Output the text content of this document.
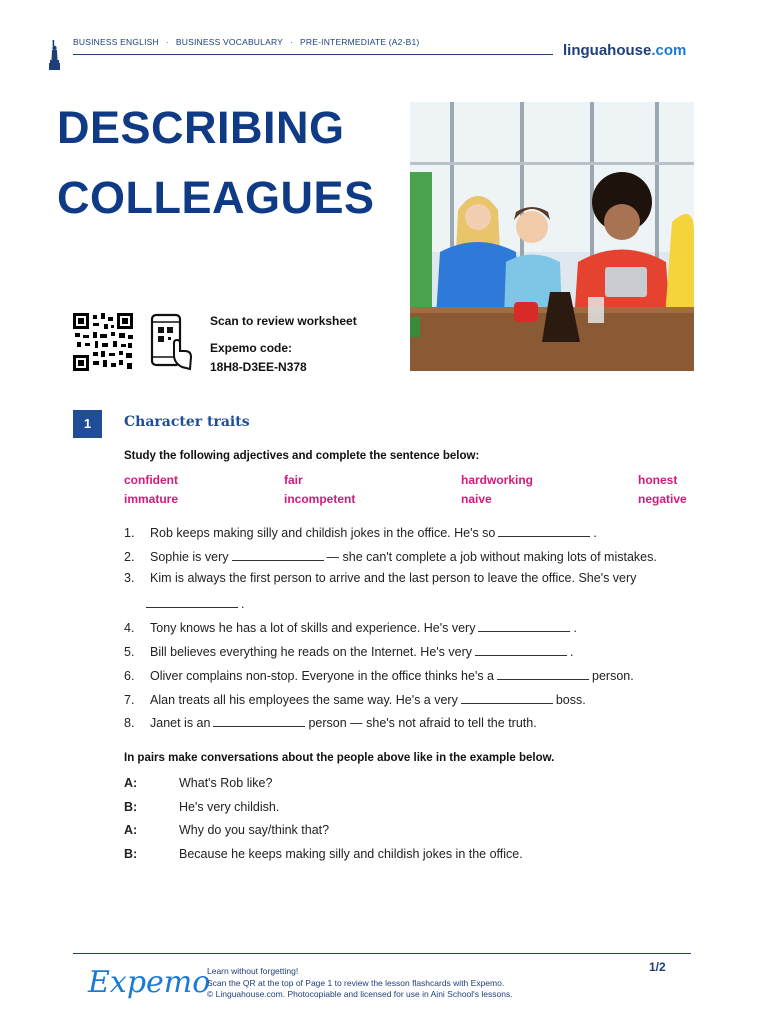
BUSINESS ENGLISH · BUSINESS VOCABULARY · PRE-INTERMEDIATE (A2-B1)	linguahouse.com
DESCRIBING
COLLEAGUES
Scan to review worksheet
Expemo code:
18H8-D3EE-N378
1	Character traits
Study the following adjectives and complete the sentence below:
confident	fair	hardworking	honest
immature	incompetent	naive	negative
1. Rob keeps making silly and childish jokes in the office. He's so	.
2. Sophie is very	— she can't complete a job without making lots of mistakes.
3. Kim is always the first person to arrive and the last person to leave the office. She's very
.
4. Tony knows he has a lot of skills and experience. He's very	.
5. Bill believes everything he reads on the Internet. He's very	.
6. Oliver complains non-stop. Everyone in the office thinks he's a	person.
7. Alan treats all his employees the same way. He's a very	boss.
8. Janet is an	person — she's not afraid to tell the truth.
In pairs make conversations about the people above like in the example below.
A:	What's Rob like?
B:	He's very childish.
A:	Why do you say/think that?
B:	Because he keeps making silly and childish jokes in the office.
Expemo
Learn without forgetting!
Scan the QR at the top of Page 1 to review the lesson flashcards with Expemo.
© Linguahouse.com. Photocopiable and licensed for use in Aini School's lessons.
1/2
